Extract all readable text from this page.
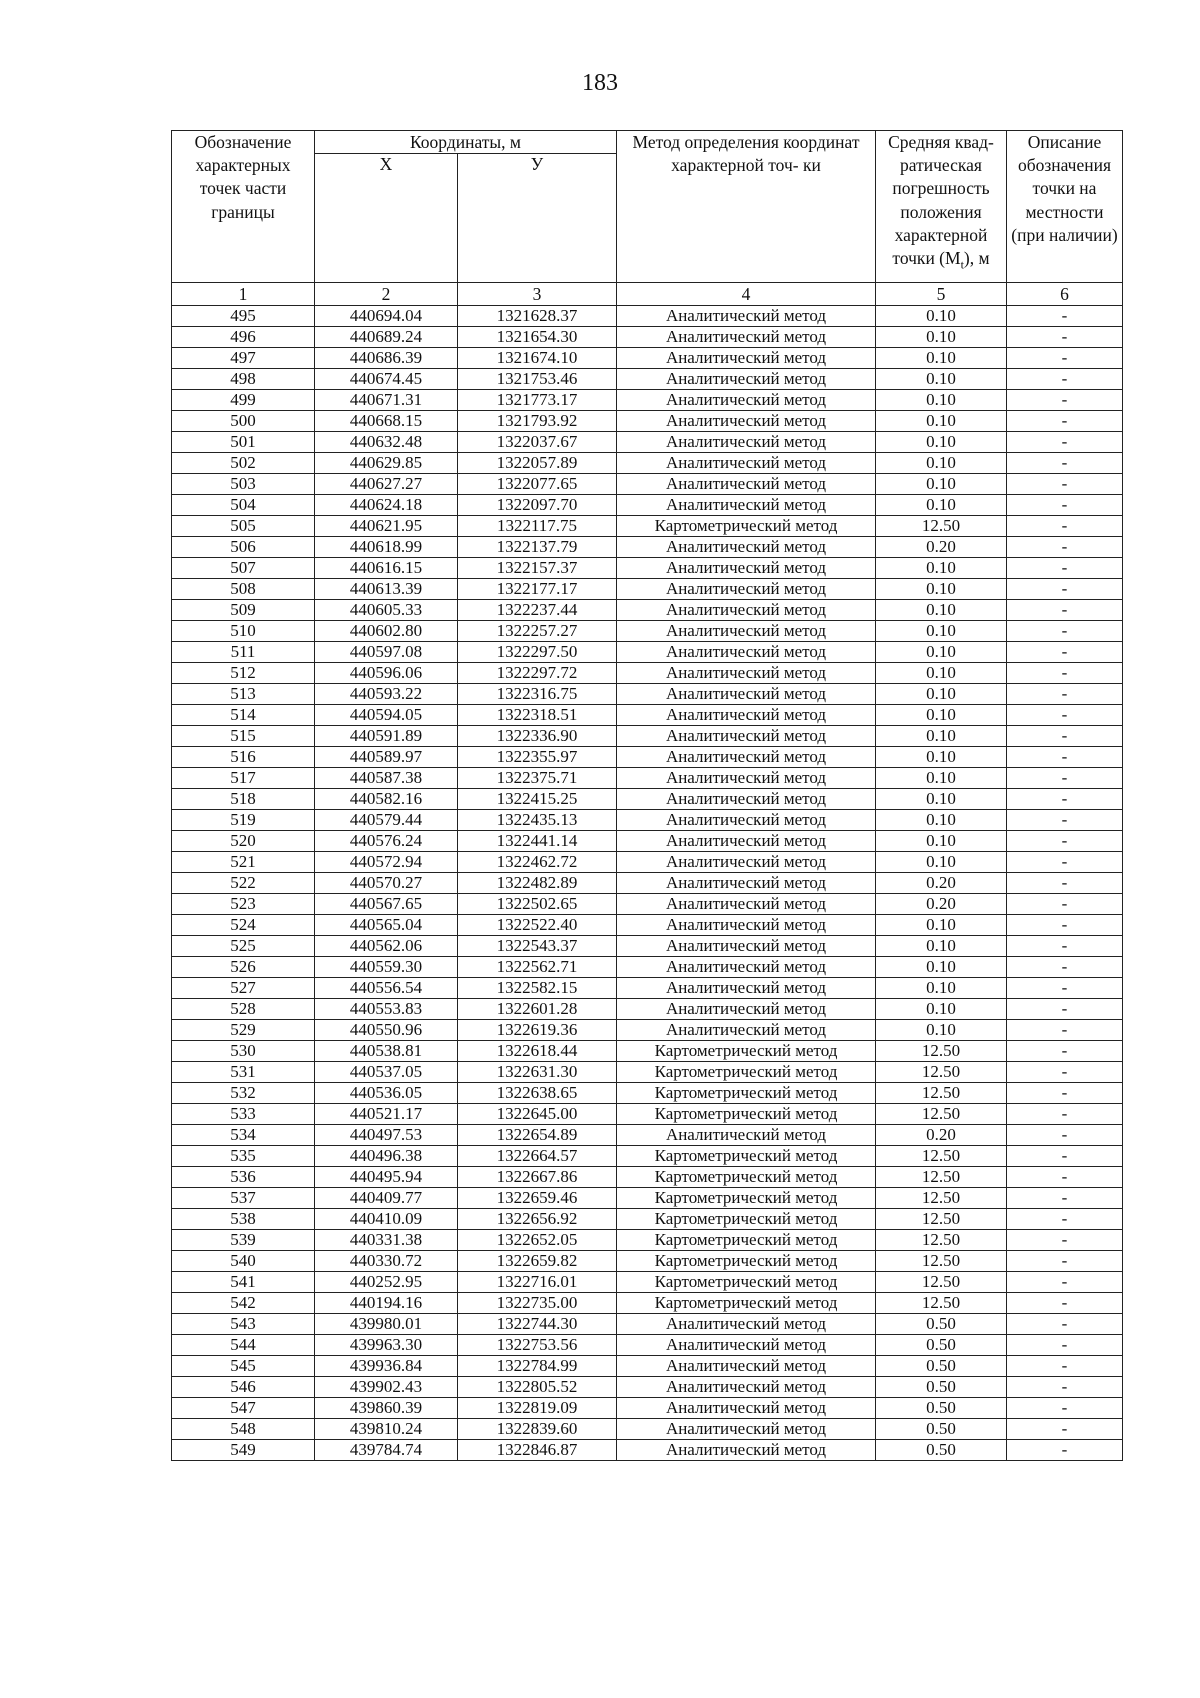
183
Обозначение характерных точек части границы	Координаты, м		Метод определения координат характерной точ- ки	Средняя квад- ратическая погрешность положения характерной точки $(M_t)$, м	Описание обозначения точки на местности (при наличии)
	Х	У			
1	2	3	4	5	6
495	440694.04	1321628.37	Аналитический метод	0.10	-
496	440689.24	1321654.30	Аналитический метод	0.10	-
497	440686.39	1321674.10	Аналитический метод	0.10	-
498	440674.45	1321753.46	Аналитический метод	0.10	-
499	440671.31	1321773.17	Аналитический метод	0.10	-
500	440668.15	1321793.92	Аналитический метод	0.10	-
501	440632.48	1322037.67	Аналитический метод	0.10	-
502	440629.85	1322057.89	Аналитический метод	0.10	-
503	440627.27	1322077.65	Аналитический метод	0.10	-
504	440624.18	1322097.70	Аналитический метод	0.10	-
505	440621.95	1322117.75	Картометрический метод	12.50	-
506	440618.99	1322137.79	Аналитический метод	0.20	-
507	440616.15	1322157.37	Аналитический метод	0.10	-
508	440613.39	1322177.17	Аналитический метод	0.10	-
509	440605.33	1322237.44	Аналитический метод	0.10	-
510	440602.80	1322257.27	Аналитический метод	0.10	-
511	440597.08	1322297.50	Аналитический метод	0.10	-
512	440596.06	1322297.72	Аналитический метод	0.10	-
513	440593.22	1322316.75	Аналитический метод	0.10	-
514	440594.05	1322318.51	Аналитический метод	0.10	-
515	440591.89	1322336.90	Аналитический метод	0.10	-
516	440589.97	1322355.97	Аналитический метод	0.10	-
517	440587.38	1322375.71	Аналитический метод	0.10	-
518	440582.16	1322415.25	Аналитический метод	0.10	-
519	440579.44	1322435.13	Аналитический метод	0.10	-
520	440576.24	1322441.14	Аналитический метод	0.10	-
521	440572.94	1322462.72	Аналитический метод	0.10	-
522	440570.27	1322482.89	Аналитический метод	0.20	-
523	440567.65	1322502.65	Аналитический метод	0.20	-
524	440565.04	1322522.40	Аналитический метод	0.10	-
525	440562.06	1322543.37	Аналитический метод	0.10	-
526	440559.30	1322562.71	Аналитический метод	0.10	-
527	440556.54	1322582.15	Аналитический метод	0.10	-
528	440553.83	1322601.28	Аналитический метод	0.10	-
529	440550.96	1322619.36	Аналитический метод	0.10	-
530	440538.81	1322618.44	Картометрический метод	12.50	-
531	440537.05	1322631.30	Картометрический метод	12.50	-
532	440536.05	1322638.65	Картометрический метод	12.50	-
533	440521.17	1322645.00	Картометрический метод	12.50	-
534	440497.53	1322654.89	Аналитический метод	0.20	-
535	440496.38	1322664.57	Картометрический метод	12.50	-
536	440495.94	1322667.86	Картометрический метод	12.50	-
537	440409.77	1322659.46	Картометрический метод	12.50	-
538	440410.09	1322656.92	Картометрический метод	12.50	-
539	440331.38	1322652.05	Картометрический метод	12.50	-
540	440330.72	1322659.82	Картометрический метод	12.50	-
541	440252.95	1322716.01	Картометрический метод	12.50	-
542	440194.16	1322735.00	Картометрический метод	12.50	-
543	439980.01	1322744.30	Аналитический метод	0.50	-
544	439963.30	1322753.56	Аналитический метод	0.50	-
545	439936.84	1322784.99	Аналитический метод	0.50	-
546	439902.43	1322805.52	Аналитический метод	0.50	-
547	439860.39	1322819.09	Аналитический метод	0.50	-
548	439810.24	1322839.60	Аналитический метод	0.50	-
549	439784.74	1322846.87	Аналитический метод	0.50	-
